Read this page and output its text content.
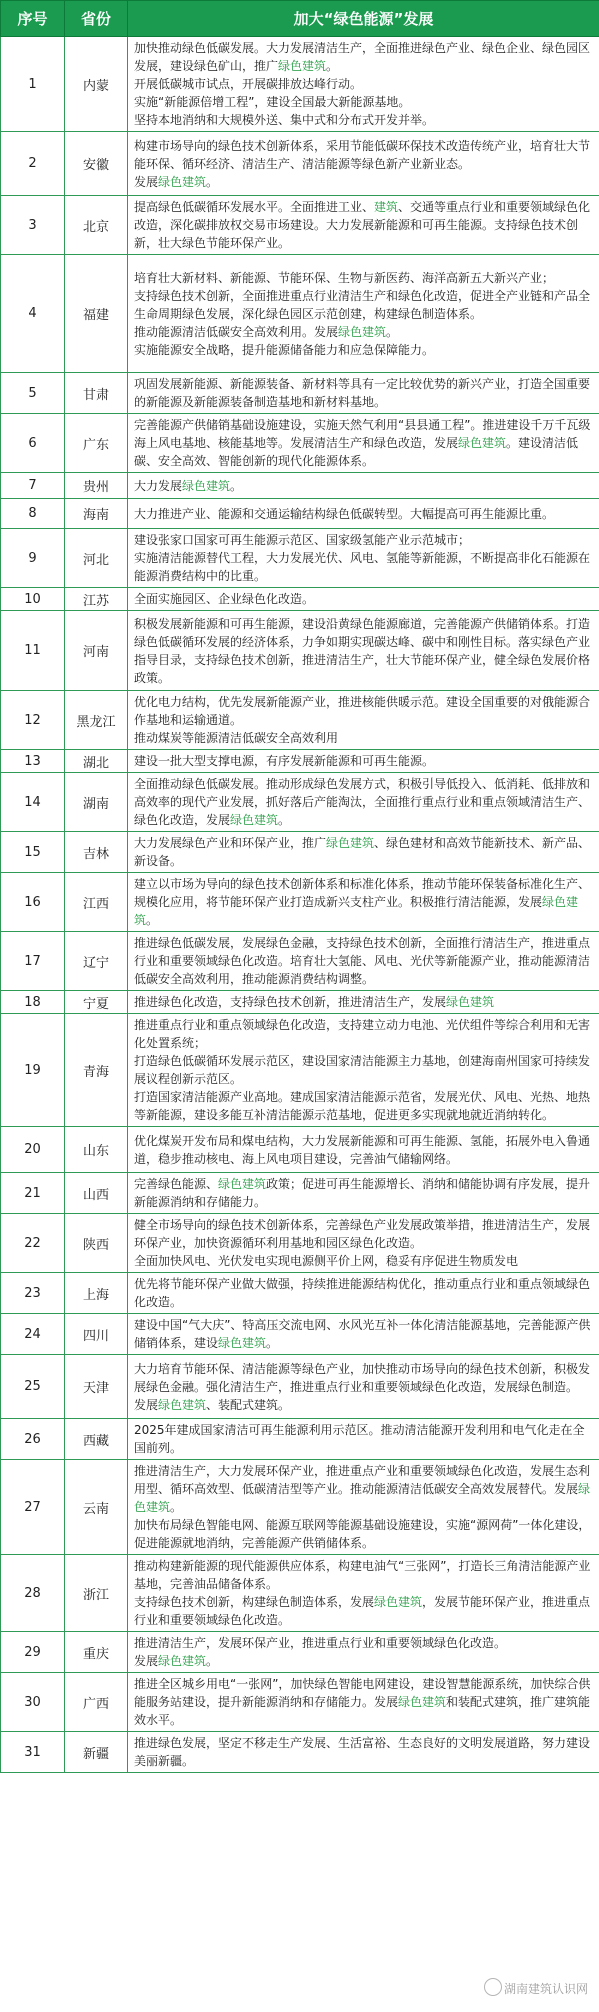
序号	省份	加大“绿色能源”发展
1	内蒙	加快推动绿色低碳发展。大力发展清洁生产，全面推进绿色产业、绿色企业、绿色园区发展，建设绿色矿山，推广绿色建筑。
开展低碳城市试点，开展碳排放达峰行动。
实施“新能源倍增工程”，建设全国最大新能源基地。
坚持本地消纳和大规模外送、集中式和分布式开发并举。

2	安徽	构建市场导向的绿色技术创新体系，采用节能低碳环保技术改造传统产业，培育壮大节能环保、循环经济、清洁生产、清洁能源等绿色新产业新业态。
发展绿色建筑。

3	北京	提高绿色低碳循环发展水平。全面推进工业、建筑、交通等重点行业和重要领域绿色化改造，深化碳排放权交易市场建设。大力发展新能源和可再生能源。支持绿色技术创新，壮大绿色节能环保产业。

4	福建	培育壮大新材料、新能源、节能环保、生物与新医药、海洋高新五大新兴产业；
支持绿色技术创新，全面推进重点行业清洁生产和绿色化改造，促进全产业链和产品全生命周期绿色发展，深化绿色园区示范创建，构建绿色制造体系。
推动能源清洁低碳安全高效利用。发展绿色建筑。
实施能源安全战略，提升能源储备能力和应急保障能力。

5	甘肃	巩固发展新能源、新能源装备、新材料等具有一定比较优势的新兴产业，打造全国重要的新能源及新能源装备制造基地和新材料基地。

6	广东	完善能源产供储销基础设施建设，实施天然气利用“县县通工程”。推进建设千万千瓦级海上风电基地、核能基地等。发展清洁生产和绿色改造，发展绿色建筑。建设清洁低碳、安全高效、智能创新的现代化能源体系。

7	贵州	大力发展绿色建筑。

8	海南	大力推进产业、能源和交通运输结构绿色低碳转型。大幅提高可再生能源比重。

9	河北	建设张家口国家可再生能源示范区、国家级氢能产业示范城市；
实施清洁能源替代工程，大力发展光伏、风电、氢能等新能源，不断提高非化石能源在能源消费结构中的比重。

10	江苏	全面实施园区、企业绿色化改造。

11	河南	积极发展新能源和可再生能源，建设沿黄绿色能源廊道，完善能源产供储销体系。打造绿色低碳循环发展的经济体系，力争如期实现碳达峰、碳中和刚性目标。落实绿色产业指导目录，支持绿色技术创新，推进清洁生产，壮大节能环保产业，健全绿色发展价格政策。

12	黑龙江	优化电力结构，优先发展新能源产业，推进核能供暖示范。建设全国重要的对俄能源合作基地和运输通道。
推动煤炭等能源清洁低碳安全高效利用

13	湖北	建设一批大型支撑电源，有序发展新能源和可再生能源。

14	湖南	全面推动绿色低碳发展。推动形成绿色发展方式，积极引导低投入、低消耗、低排放和高效率的现代产业发展，抓好落后产能淘汰，全面推行重点行业和重点领域清洁生产、绿色化改造，发展绿色建筑。

15	吉林	大力发展绿色产业和环保产业，推广绿色建筑、绿色建材和高效节能新技术、新产品、新设备。

16	江西	建立以市场为导向的绿色技术创新体系和标准化体系，推动节能环保装备标准化生产、规模化应用，将节能环保产业打造成新兴支柱产业。积极推行清洁能源，发展绿色建筑。

17	辽宁	推进绿色低碳发展，发展绿色金融，支持绿色技术创新，全面推行清洁生产，推进重点行业和重要领域绿色化改造。培育壮大氢能、风电、光伏等新能源产业，推动能源清洁低碳安全高效利用，推动能源消费结构调整。

18	宁夏	推进绿色化改造，支持绿色技术创新，推进清洁生产，发展绿色建筑

19	青海	推进重点行业和重点领域绿色化改造，支持建立动力电池、光伏组件等综合利用和无害化处置系统；
打造绿色低碳循环发展示范区，建设国家清洁能源主力基地，创建海南州国家可持续发展议程创新示范区。
打造国家清洁能源产业高地。建成国家清洁能源示范省，发展光伏、风电、光热、地热等新能源，建设多能互补清洁能源示范基地，促进更多实现就地就近消纳转化。

20	山东	优化煤炭开发布局和煤电结构，大力发展新能源和可再生能源、氢能，拓展外电入鲁通道，稳步推动核电、海上风电项目建设，完善油气储输网络。

21	山西	完善绿色能源、绿色建筑政策；促进可再生能源增长、消纳和储能协调有序发展，提升新能源消纳和存储能力。

22	陕西	健全市场导向的绿色技术创新体系，完善绿色产业发展政策举措，推进清洁生产，发展环保产业，加快资源循环利用基地和园区绿色化改造。
全面加快风电、光伏发电实现电源侧平价上网，稳妥有序促进生物质发电

23	上海	优先将节能环保产业做大做强，持续推进能源结构优化，推动重点行业和重点领域绿色化改造。

24	四川	建设中国“气大庆”、特高压交流电网、水风光互补一体化清洁能源基地，完善能源产供储销体系，建设绿色建筑。

25	天津	大力培育节能环保、清洁能源等绿色产业，加快推动市场导向的绿色技术创新，积极发展绿色金融。强化清洁生产，推进重点行业和重要领域绿色化改造，发展绿色制造。
发展绿色建筑、装配式建筑。

26	西藏	2025年建成国家清洁可再生能源利用示范区。推动清洁能源开发利用和电气化走在全国前列。

27	云南	推进清洁生产，大力发展环保产业，推进重点产业和重要领域绿色化改造，发展生态利用型、循环高效型、低碳清洁型等产业。推动能源清洁低碳安全高效发展替代。发展绿色建筑。
加快布局绿色智能电网、能源互联网等能源基础设施建设，实施“源网荷”一体化建设，促进能源就地消纳，完善能源产供销储体系。

28	浙江	推动构建新能源的现代能源供应体系，构建电油气“三张网”，打造长三角清洁能源产业基地，完善油品储备体系。
支持绿色技术创新，构建绿色制造体系，发展绿色建筑，发展节能环保产业，推进重点行业和重要领域绿色化改造。

29	重庆	推进清洁生产，发展环保产业，推进重点行业和重要领域绿色化改造。
发展绿色建筑。

30	广西	推进全区城乡用电“一张网”，加快绿色智能电网建设，建设智慧能源系统，加快综合供能服务站建设，提升新能源消纳和存储能力。发展绿色建筑和装配式建筑，推广建筑能效水平。

31	新疆	推进绿色发展，坚定不移走生产发展、生活富裕、生态良好的文明发展道路，努力建设美丽新疆。
湖南建筑认识网
